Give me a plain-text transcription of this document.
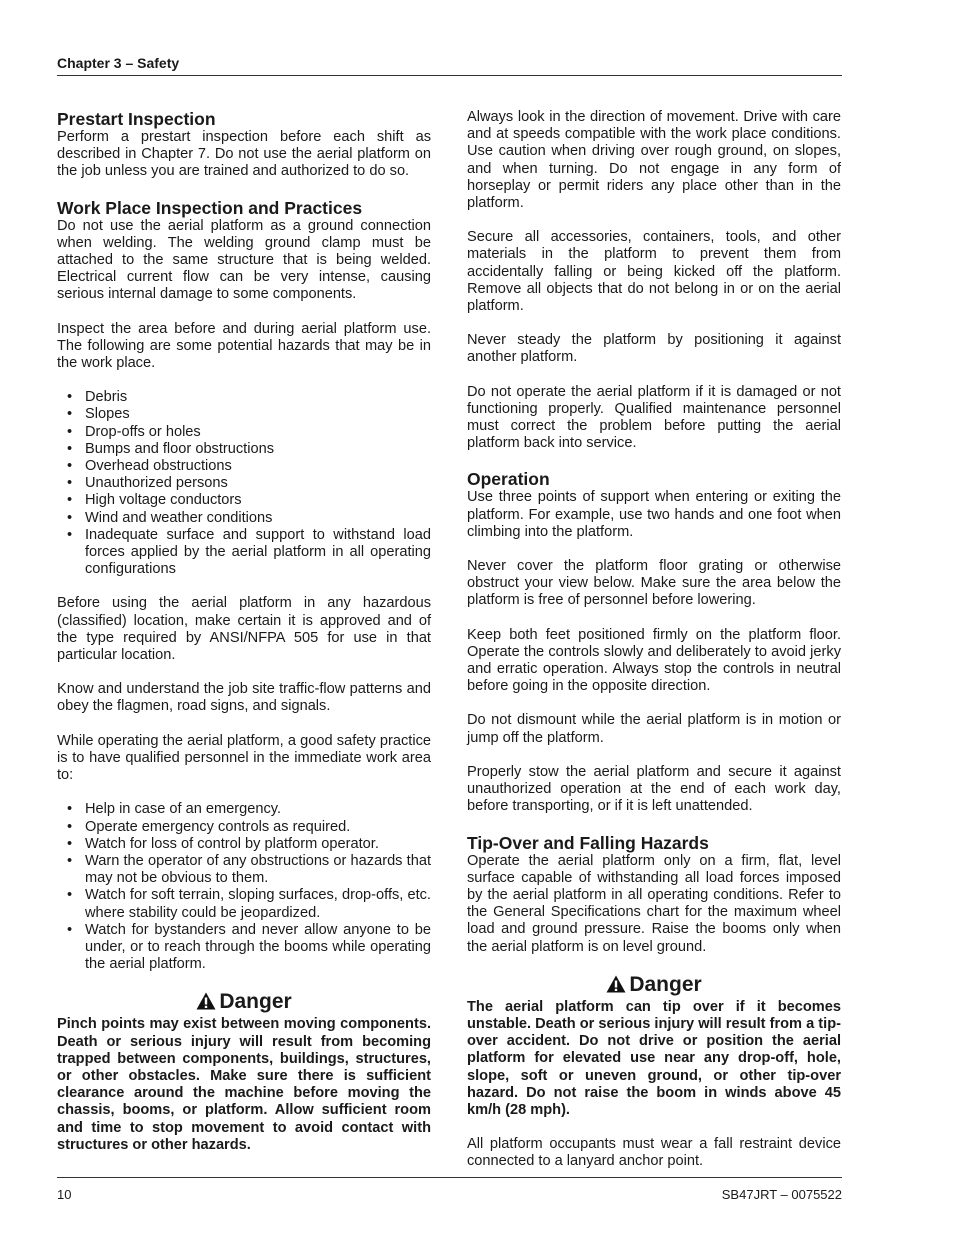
Chapter 3 – Safety
Prestart Inspection

Perform a prestart inspection before each shift as described in Chapter 7. Do not use the aerial platform on the job unless you are trained and authorized to do so.

Work Place Inspection and Practices

Do not use the aerial platform as a ground connection when welding. The welding ground clamp must be attached to the same structure that is being welded. Electrical current flow can be very intense, causing serious internal damage to some components.

Inspect the area before and during aerial platform use. The following are some potential hazards that may be in the work place.

• Debris
• Slopes
• Drop-offs or holes
• Bumps and floor obstructions
• Overhead obstructions
• Unauthorized persons
• High voltage conductors
• Wind and weather conditions
• Inadequate surface and support to withstand load forces applied by the aerial platform in all operating configurations

Before using the aerial platform in any hazardous (classified) location, make certain it is approved and of the type required by ANSI/NFPA 505 for use in that particular location.

Know and understand the job site traffic-flow patterns and obey the flagmen, road signs, and signals.

While operating the aerial platform, a good safety practice is to have qualified personnel in the immediate work area to:

• Help in case of an emergency.
• Operate emergency controls as required.
• Watch for loss of control by platform operator.
• Warn the operator of any obstructions or hazards that may not be obvious to them.
• Watch for soft terrain, sloping surfaces, drop-offs, etc. where stability could be jeopardized.
• Watch for bystanders and never allow anyone to be under, or to reach through the booms while operating the aerial platform.
Danger

Pinch points may exist between moving components. Death or serious injury will result from becoming trapped between components, buildings, structures, or other obstacles. Make sure there is sufficient clearance around the machine before moving the chassis, booms, or platform. Allow sufficient room and time to stop movement to avoid contact with structures or other hazards.

Always look in the direction of movement. Drive with care and at speeds compatible with the work place conditions. Use caution when driving over rough ground, on slopes, and when turning. Do not engage in any form of horseplay or permit riders any place other than in the platform.

Secure all accessories, containers, tools, and other materials in the platform to prevent them from accidentally falling or being kicked off the platform. Remove all objects that do not belong in or on the aerial platform.

Never steady the platform by positioning it against another platform.

Do not operate the aerial platform if it is damaged or not functioning properly. Qualified maintenance personnel must correct the problem before putting the aerial platform back into service.

Operation

Use three points of support when entering or exiting the platform. For example, use two hands and one foot when climbing into the platform.

Never cover the platform floor grating or otherwise obstruct your view below. Make sure the area below the platform is free of personnel before lowering.

Keep both feet positioned firmly on the platform floor. Operate the controls slowly and deliberately to avoid jerky and erratic operation. Always stop the controls in neutral before going in the opposite direction.

Do not dismount while the aerial platform is in motion or jump off the platform.

Properly stow the aerial platform and secure it against unauthorized operation at the end of each work day, before transporting, or if it is left unattended.

Tip-Over and Falling Hazards

Operate the aerial platform only on a firm, flat, level surface capable of withstanding all load forces imposed by the aerial platform in all operating conditions. Refer to the General Specifications chart for the maximum wheel load and ground pressure. Raise the booms only when the aerial platform is on level ground.

Danger

The aerial platform can tip over if it becomes unstable. Death or serious injury will result from a tip-over accident. Do not drive or position the aerial platform for elevated use near any drop-off, hole, slope, soft or uneven ground, or other tip-over hazard. Do not raise the boom in winds above 45 km/h (28 mph).

All platform occupants must wear a fall restraint device connected to a lanyard anchor point.

10	SB47JRT – 0075522
